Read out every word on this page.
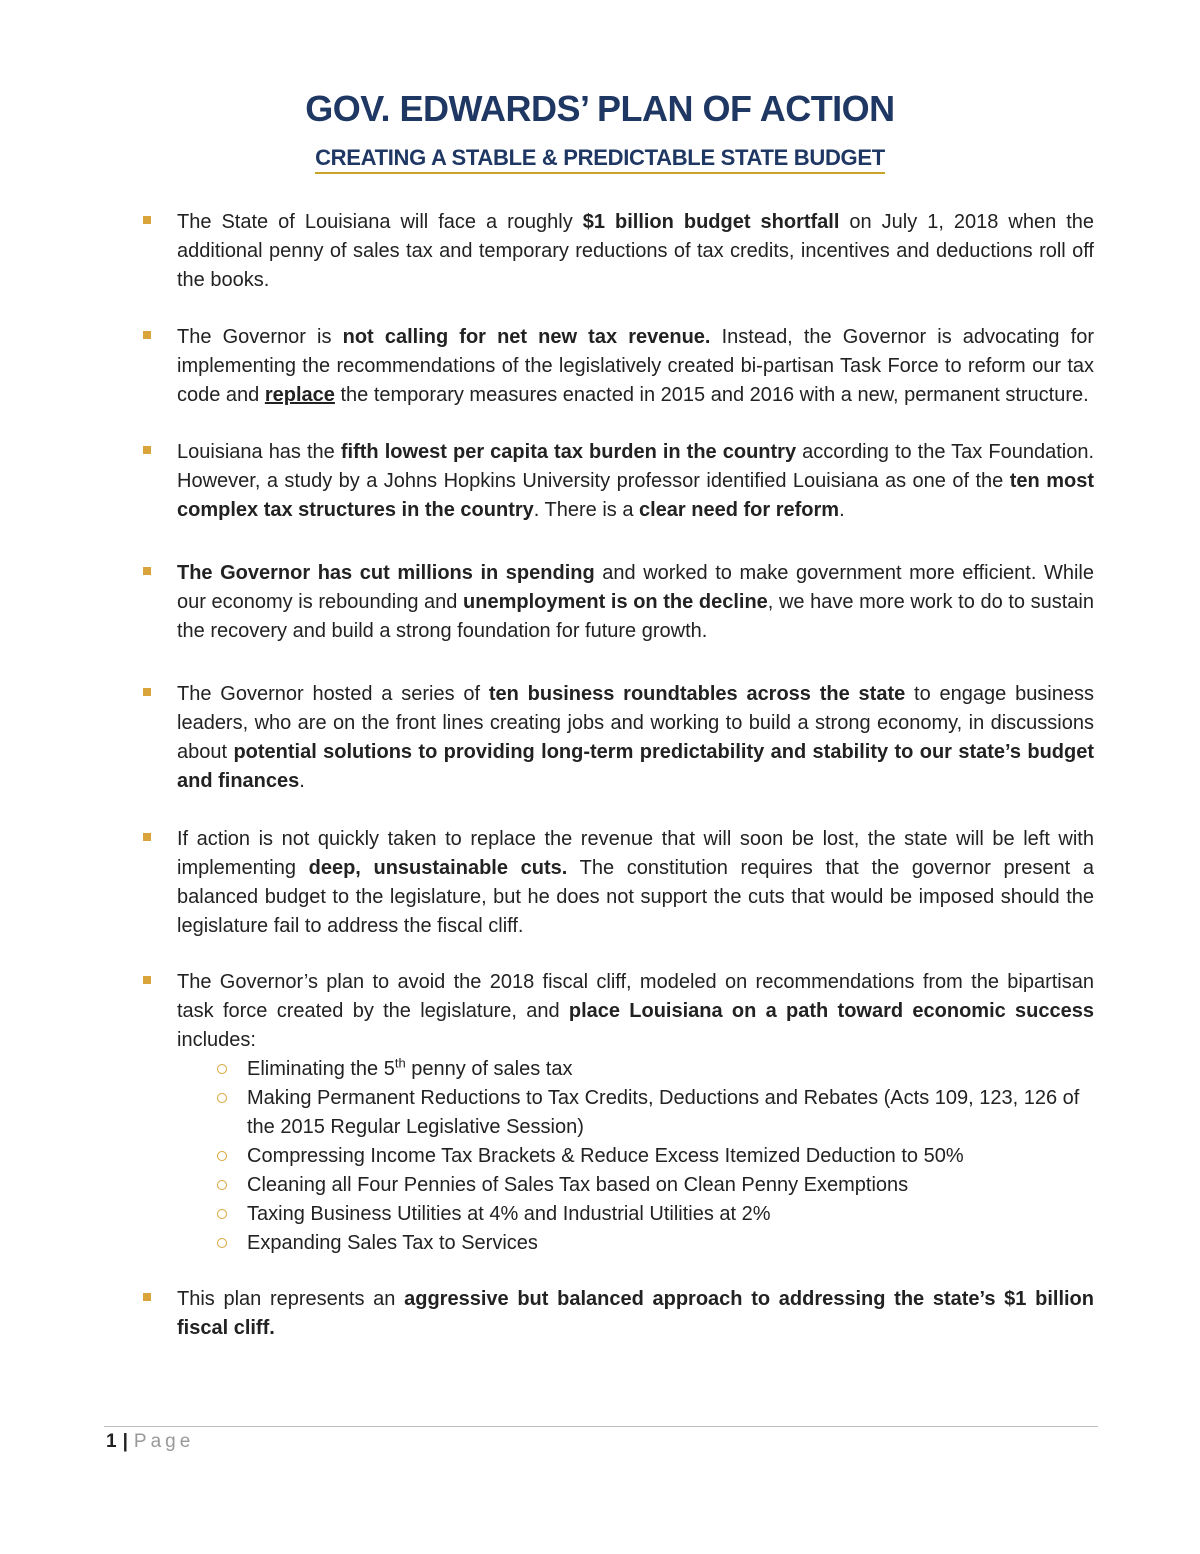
GOV. EDWARDS’ PLAN OF ACTION
CREATING A STABLE & PREDICTABLE STATE BUDGET
The State of Louisiana will face a roughly $1 billion budget shortfall on July 1, 2018 when the additional penny of sales tax and temporary reductions of tax credits, incentives and deductions roll off the books.
The Governor is not calling for net new tax revenue. Instead, the Governor is advocating for implementing the recommendations of the legislatively created bi-partisan Task Force to reform our tax code and replace the temporary measures enacted in 2015 and 2016 with a new, permanent structure.
Louisiana has the fifth lowest per capita tax burden in the country according to the Tax Foundation. However, a study by a Johns Hopkins University professor identified Louisiana as one of the ten most complex tax structures in the country. There is a clear need for reform.
The Governor has cut millions in spending and worked to make government more efficient. While our economy is rebounding and unemployment is on the decline, we have more work to do to sustain the recovery and build a strong foundation for future growth.
The Governor hosted a series of ten business roundtables across the state to engage business leaders, who are on the front lines creating jobs and working to build a strong economy, in discussions about potential solutions to providing long-term predictability and stability to our state’s budget and finances.
If action is not quickly taken to replace the revenue that will soon be lost, the state will be left with implementing deep, unsustainable cuts. The constitution requires that the governor present a balanced budget to the legislature, but he does not support the cuts that would be imposed should the legislature fail to address the fiscal cliff.
The Governor’s plan to avoid the 2018 fiscal cliff, modeled on recommendations from the bipartisan task force created by the legislature, and place Louisiana on a path toward economic success includes:
Eliminating the 5th penny of sales tax
Making Permanent Reductions to Tax Credits, Deductions and Rebates (Acts 109, 123, 126 of the 2015 Regular Legislative Session)
Compressing Income Tax Brackets & Reduce Excess Itemized Deduction to 50%
Cleaning all Four Pennies of Sales Tax based on Clean Penny Exemptions
Taxing Business Utilities at 4% and Industrial Utilities at 2%
Expanding Sales Tax to Services
This plan represents an aggressive but balanced approach to addressing the state’s $1 billion fiscal cliff.
1 | Page
